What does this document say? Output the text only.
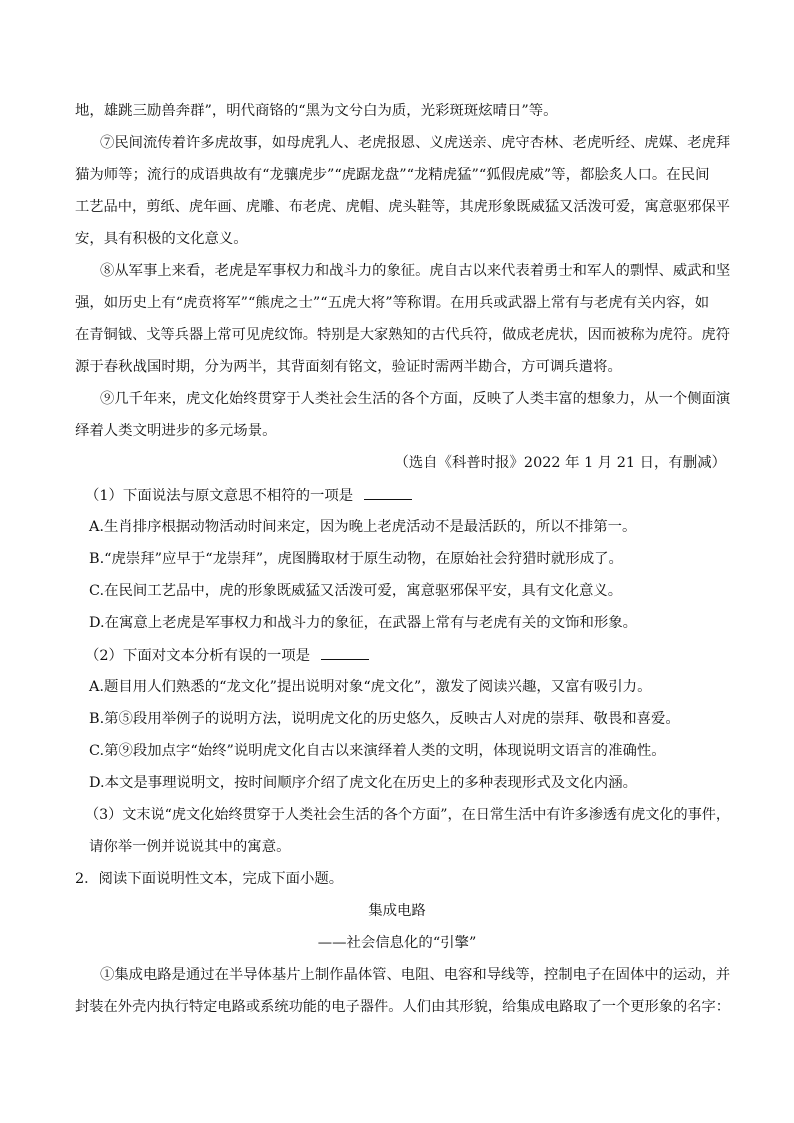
地，雄跳三励兽奔群”，明代商铬的“黑为文兮白为质，光彩斑斑炫晴日”等。
⑦民间流传着许多虎故事，如母虎乳人、老虎报恩、义虎送亲、虎守杏林、老虎听经、虎媒、老虎拜
猫为师等；流行的成语典故有“龙骧虎步”“虎踞龙盘”“龙精虎猛”“狐假虎威”等，都脍炙人口。在民间
工艺品中，剪纸、虎年画、虎雕、布老虎、虎帽、虎头鞋等，其虎形象既威猛又活泼可爱，寓意驱邪保平
安，具有积极的文化意义。
⑧从军事上来看，老虎是军事权力和战斗力的象征。虎自古以来代表着勇士和军人的剽悍、威武和坚
强，如历史上有“虎贲将军”“熊虎之士”“五虎大将”等称谓。在用兵或武器上常有与老虎有关内容，如
在青铜钺、戈等兵器上常可见虎纹饰。特别是大家熟知的古代兵符，做成老虎状，因而被称为虎符。虎符
源于春秋战国时期，分为两半，其背面刻有铭文，验证时需两半勘合，方可调兵遣将。
⑨几千年来，虎文化始终贯穿于人类社会生活的各个方面，反映了人类丰富的想象力，从一个侧面演
绎着人类文明进步的多元场景。
（选自《科普时报》2022 年 1 月 21 日，有删减）
（1）下面说法与原文意思不相符的一项是
A.生肖排序根据动物活动时间来定，因为晚上老虎活动不是最活跃的，所以不排第一。
B.“虎崇拜”应早于“龙崇拜”，虎图腾取材于原生动物，在原始社会狩猎时就形成了。
C.在民间工艺品中，虎的形象既威猛又活泼可爱，寓意驱邪保平安，具有文化意义。
D.在寓意上老虎是军事权力和战斗力的象征，在武器上常有与老虎有关的文饰和形象。
（2）下面对文本分析有误的一项是
A.题目用人们熟悉的“龙文化”提出说明对象“虎文化”，激发了阅读兴趣，又富有吸引力。
B.第⑤段用举例子的说明方法，说明虎文化的历史悠久，反映古人对虎的崇拜、敬畏和喜爱。
C.第⑨段加点字“始终”说明虎文化自古以来演绎着人类的文明，体现说明文语言的准确性。
D.本文是事理说明文，按时间顺序介绍了虎文化在历史上的多种表现形式及文化内涵。
（3）文末说“虎文化始终贯穿于人类社会生活的各个方面”，在日常生活中有许多渗透有虎文化的事件，
请你举一例并说说其中的寓意。
2．阅读下面说明性文本，完成下面小题。
集成电路
——社会信息化的“引擎”
①集成电路是通过在半导体基片上制作晶体管、电阻、电容和导线等，控制电子在固体中的运动，并
封装在外壳内执行特定电路或系统功能的电子器件。人们由其形貌，给集成电路取了一个更形象的名字：
